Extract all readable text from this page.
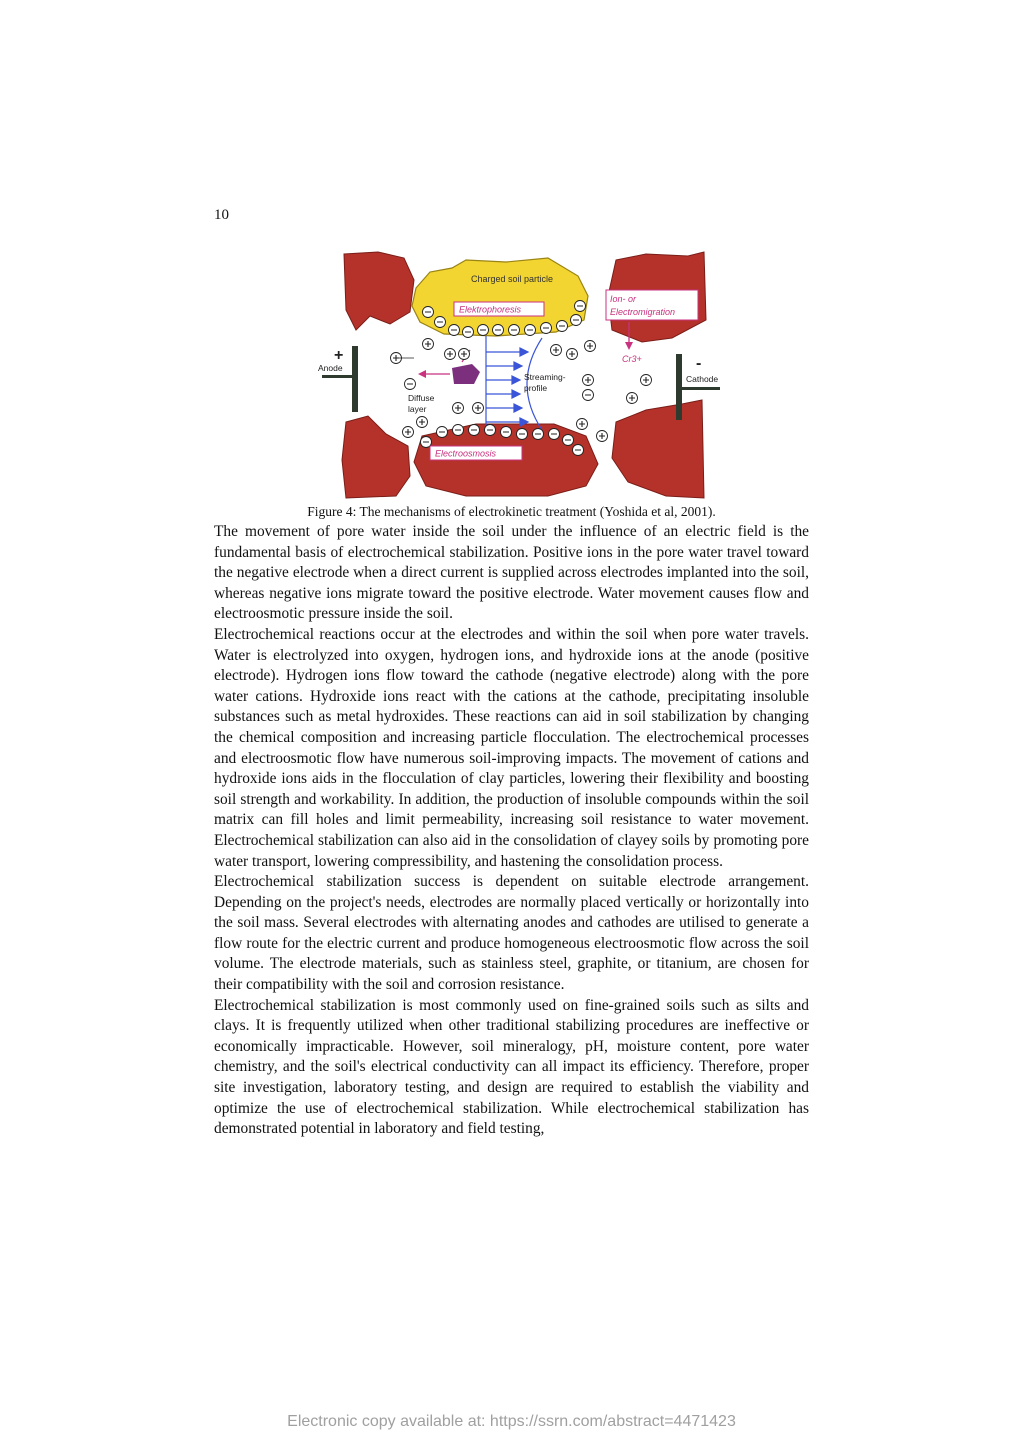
10
Charged soil particle
Elektrophoresis
Ion- or
Electromigration
Cr3+
+
Anode	-
Cathode
Streaming-
profile
Diffuse
layer
Electroosmosis
Figure 4: The mechanisms of electrokinetic treatment (Yoshida et al, 2001).

The movement of pore water inside the soil under the influence of an electric field is the fundamental basis of electrochemical stabilization. Positive ions in the pore water travel toward the negative electrode when a direct current is supplied across electrodes implanted into the soil, whereas negative ions migrate toward the positive electrode. Water movement causes flow and electroosmotic pressure inside the soil.

Electrochemical reactions occur at the electrodes and within the soil when pore water travels. Water is electrolyzed into oxygen, hydrogen ions, and hydroxide ions at the anode (positive electrode). Hydrogen ions flow toward the cathode (negative electrode) along with the pore water cations. Hydroxide ions react with the cations at the cathode, precipitating insoluble substances such as metal hydroxides. These reactions can aid in soil stabilization by changing the chemical composition and increasing particle flocculation. The electrochemical processes and electroosmotic flow have numerous soil-improving impacts. The movement of cations and hydroxide ions aids in the flocculation of clay particles, lowering their flexibility and boosting soil strength and workability. In addition, the production of insoluble compounds within the soil matrix can fill holes and limit permeability, increasing soil resistance to water movement. Electrochemical stabilization can also aid in the consolidation of clayey soils by promoting pore water transport, lowering compressibility, and hastening the consolidation process.

Electrochemical stabilization success is dependent on suitable electrode arrangement. Depending on the project's needs, electrodes are normally placed vertically or horizontally into the soil mass. Several electrodes with alternating anodes and cathodes are utilised to generate a flow route for the electric current and produce homogeneous electroosmotic flow across the soil volume. The electrode materials, such as stainless steel, graphite, or titanium, are chosen for their compatibility with the soil and corrosion resistance.

Electrochemical stabilization is most commonly used on fine-grained soils such as silts and clays. It is frequently utilized when other traditional stabilizing procedures are ineffective or economically impracticable. However, soil mineralogy, pH, moisture content, pore water chemistry, and the soil's electrical conductivity can all impact its efficiency. Therefore, proper site investigation, laboratory testing, and design are required to establish the viability and optimize the use of electrochemical stabilization. While electrochemical stabilization has demonstrated potential in laboratory and field testing,

Electronic copy available at: https://ssrn.com/abstract=4471423
